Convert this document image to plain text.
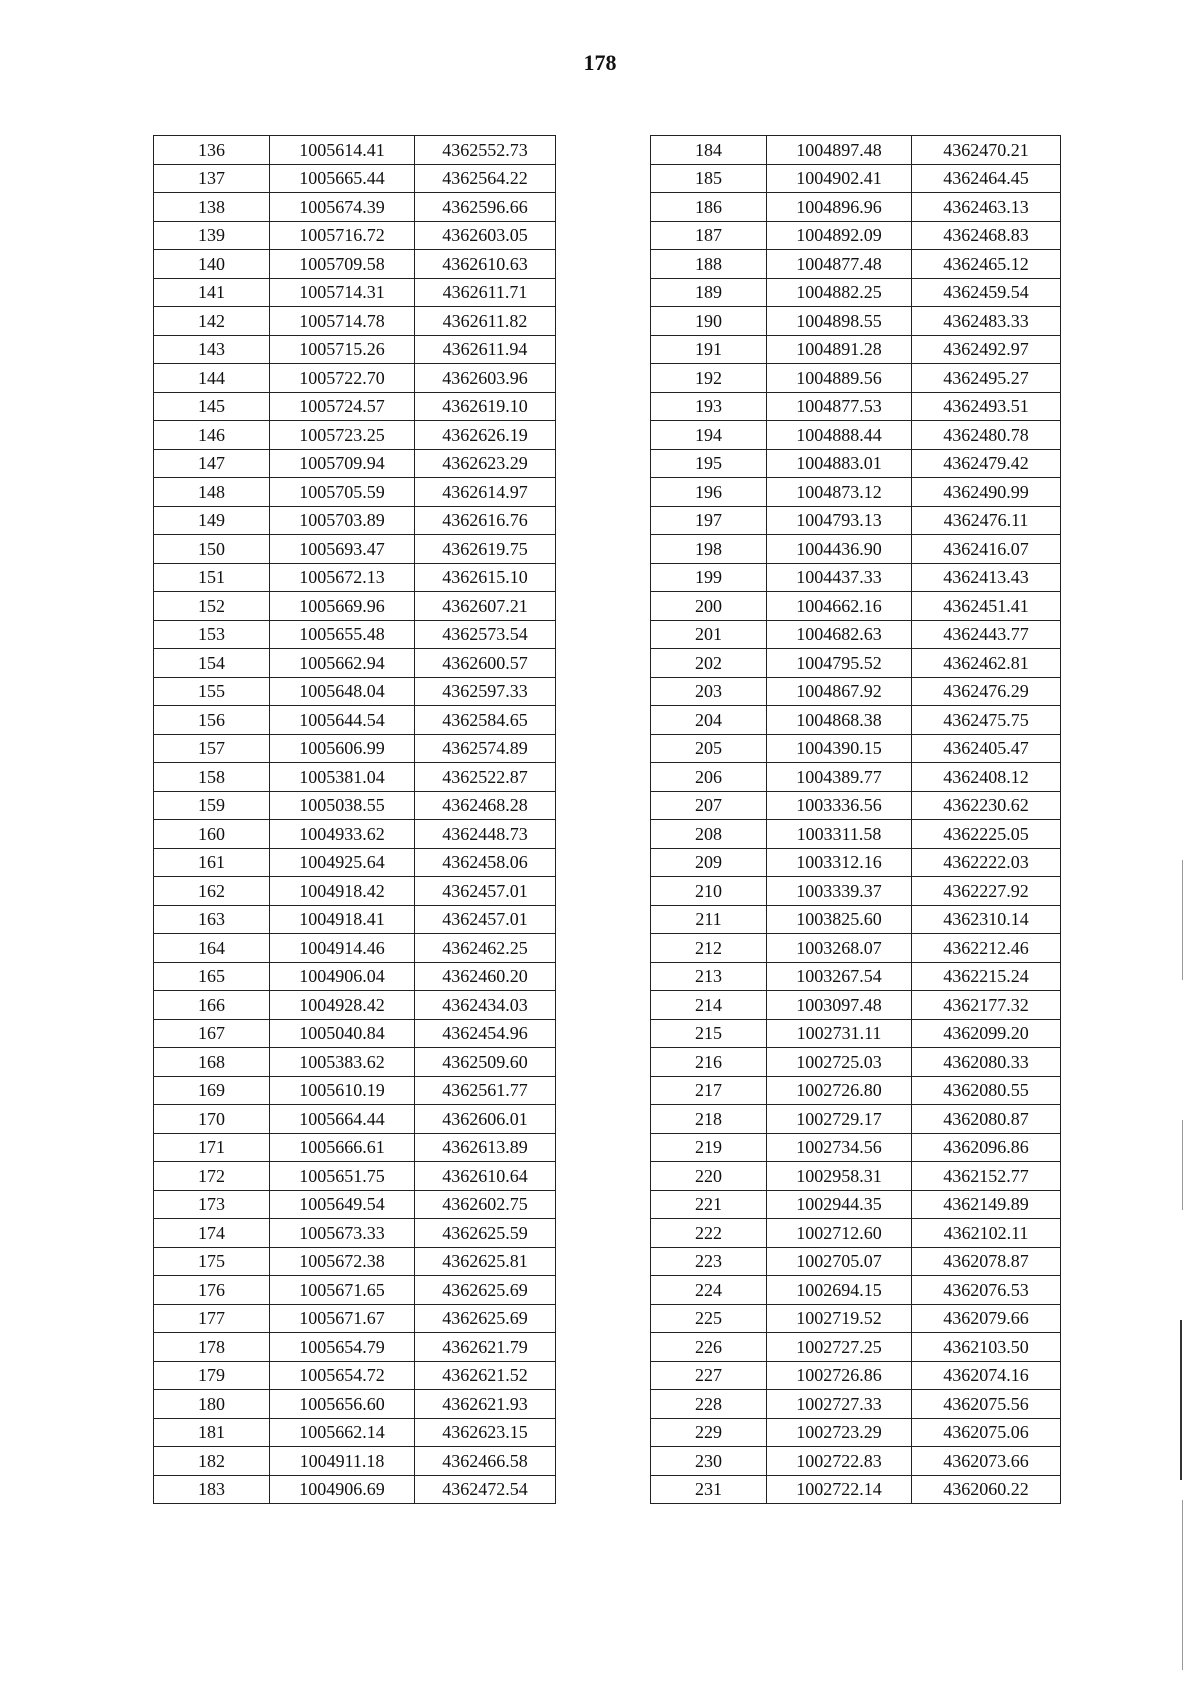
178
136	1005614.41	4362552.73
137	1005665.44	4362564.22
138	1005674.39	4362596.66
139	1005716.72	4362603.05
140	1005709.58	4362610.63
141	1005714.31	4362611.71
142	1005714.78	4362611.82
143	1005715.26	4362611.94
144	1005722.70	4362603.96
145	1005724.57	4362619.10
146	1005723.25	4362626.19
147	1005709.94	4362623.29
148	1005705.59	4362614.97
149	1005703.89	4362616.76
150	1005693.47	4362619.75
151	1005672.13	4362615.10
152	1005669.96	4362607.21
153	1005655.48	4362573.54
154	1005662.94	4362600.57
155	1005648.04	4362597.33
156	1005644.54	4362584.65
157	1005606.99	4362574.89
158	1005381.04	4362522.87
159	1005038.55	4362468.28
160	1004933.62	4362448.73
161	1004925.64	4362458.06
162	1004918.42	4362457.01
163	1004918.41	4362457.01
164	1004914.46	4362462.25
165	1004906.04	4362460.20
166	1004928.42	4362434.03
167	1005040.84	4362454.96
168	1005383.62	4362509.60
169	1005610.19	4362561.77
170	1005664.44	4362606.01
171	1005666.61	4362613.89
172	1005651.75	4362610.64
173	1005649.54	4362602.75
174	1005673.33	4362625.59
175	1005672.38	4362625.81
176	1005671.65	4362625.69
177	1005671.67	4362625.69
178	1005654.79	4362621.79
179	1005654.72	4362621.52
180	1005656.60	4362621.93
181	1005662.14	4362623.15
182	1004911.18	4362466.58
183	1004906.69	4362472.54
184	1004897.48	4362470.21
185	1004902.41	4362464.45
186	1004896.96	4362463.13
187	1004892.09	4362468.83
188	1004877.48	4362465.12
189	1004882.25	4362459.54
190	1004898.55	4362483.33
191	1004891.28	4362492.97
192	1004889.56	4362495.27
193	1004877.53	4362493.51
194	1004888.44	4362480.78
195	1004883.01	4362479.42
196	1004873.12	4362490.99
197	1004793.13	4362476.11
198	1004436.90	4362416.07
199	1004437.33	4362413.43
200	1004662.16	4362451.41
201	1004682.63	4362443.77
202	1004795.52	4362462.81
203	1004867.92	4362476.29
204	1004868.38	4362475.75
205	1004390.15	4362405.47
206	1004389.77	4362408.12
207	1003336.56	4362230.62
208	1003311.58	4362225.05
209	1003312.16	4362222.03
210	1003339.37	4362227.92
211	1003825.60	4362310.14
212	1003268.07	4362212.46
213	1003267.54	4362215.24
214	1003097.48	4362177.32
215	1002731.11	4362099.20
216	1002725.03	4362080.33
217	1002726.80	4362080.55
218	1002729.17	4362080.87
219	1002734.56	4362096.86
220	1002958.31	4362152.77
221	1002944.35	4362149.89
222	1002712.60	4362102.11
223	1002705.07	4362078.87
224	1002694.15	4362076.53
225	1002719.52	4362079.66
226	1002727.25	4362103.50
227	1002726.86	4362074.16
228	1002727.33	4362075.56
229	1002723.29	4362075.06
230	1002722.83	4362073.66
231	1002722.14	4362060.22
